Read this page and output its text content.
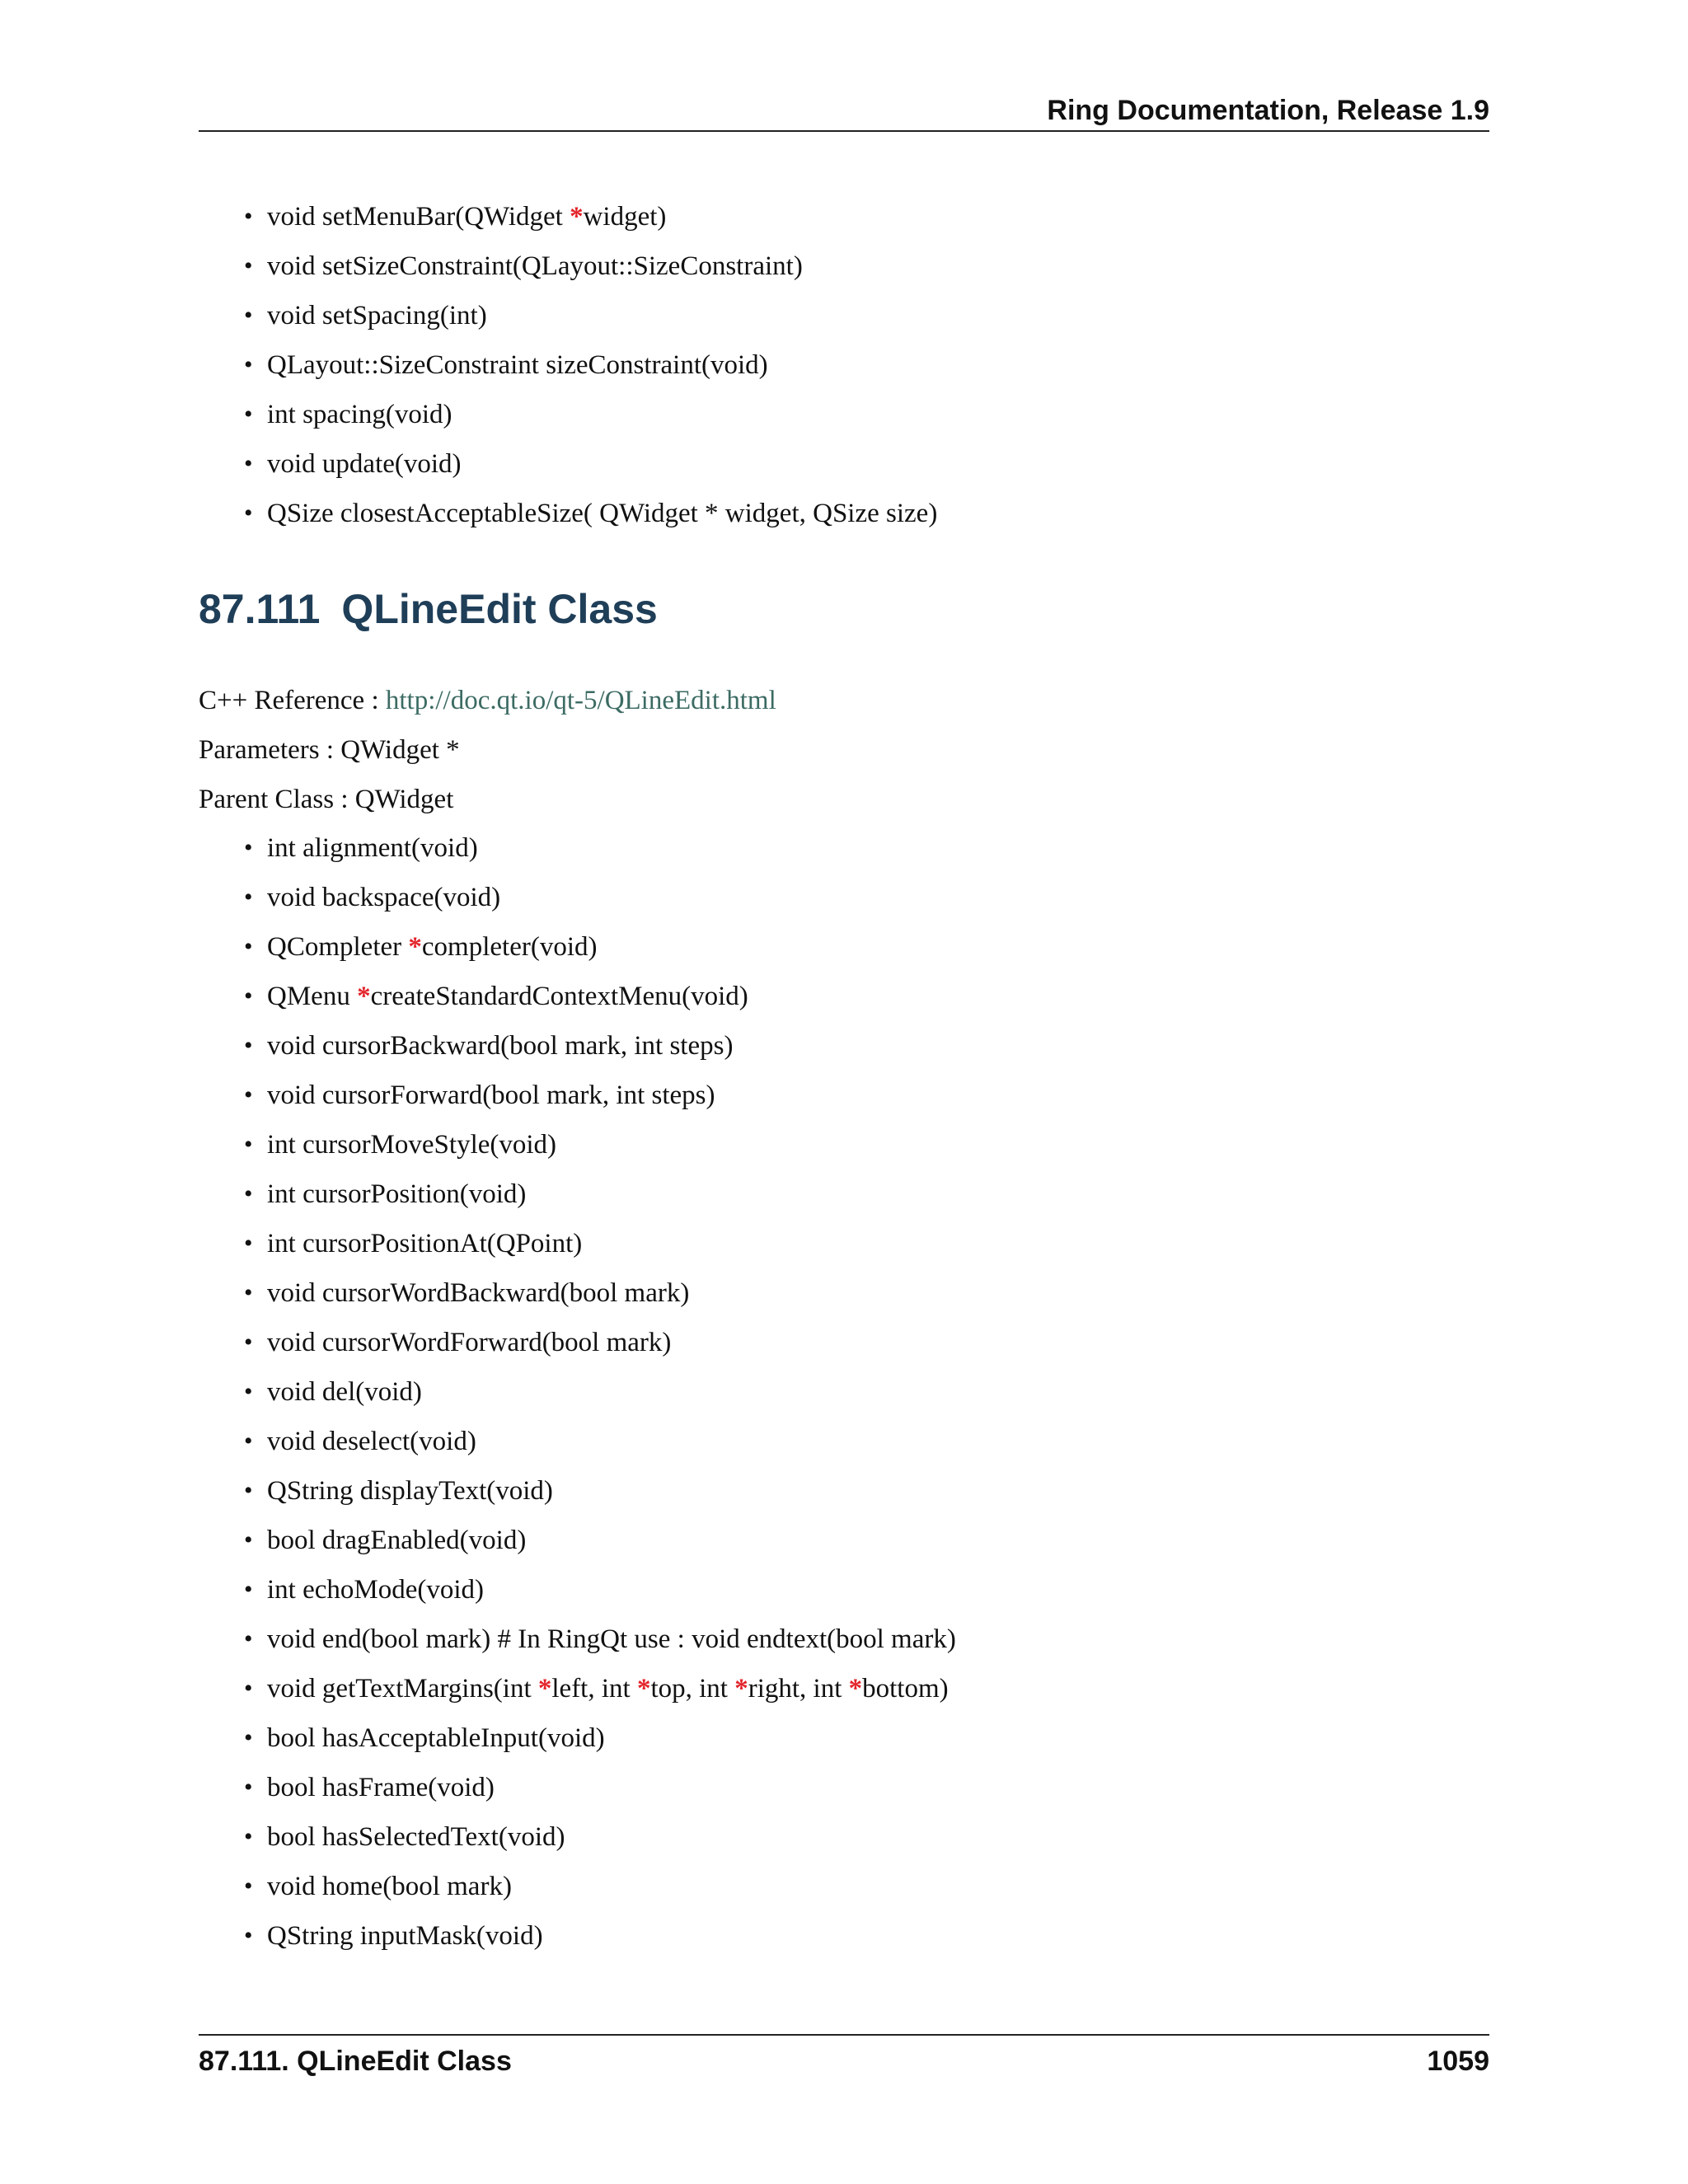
Ring Documentation, Release 1.9
• void setMenuBar(QWidget *widget)
• void setSizeConstraint(QLayout::SizeConstraint)
• void setSpacing(int)
• QLayout::SizeConstraint sizeConstraint(void)
• int spacing(void)
• void update(void)
• QSize closestAcceptableSize( QWidget * widget, QSize size)
87.111 QLineEdit Class
C++ Reference : http://doc.qt.io/qt-5/QLineEdit.html
Parameters : QWidget *
Parent Class : QWidget
• int alignment(void)
• void backspace(void)
• QCompleter *completer(void)
• QMenu *createStandardContextMenu(void)
• void cursorBackward(bool mark, int steps)
• void cursorForward(bool mark, int steps)
• int cursorMoveStyle(void)
• int cursorPosition(void)
• int cursorPositionAt(QPoint)
• void cursorWordBackward(bool mark)
• void cursorWordForward(bool mark)
• void del(void)
• void deselect(void)
• QString displayText(void)
• bool dragEnabled(void)
• int echoMode(void)
• void end(bool mark) # In RingQt use : void endtext(bool mark)
• void getTextMargins(int *left, int *top, int *right, int *bottom)
• bool hasAcceptableInput(void)
• bool hasFrame(void)
• bool hasSelectedText(void)
• void home(bool mark)
• QString inputMask(void)
87.111. QLineEdit Class	1059
